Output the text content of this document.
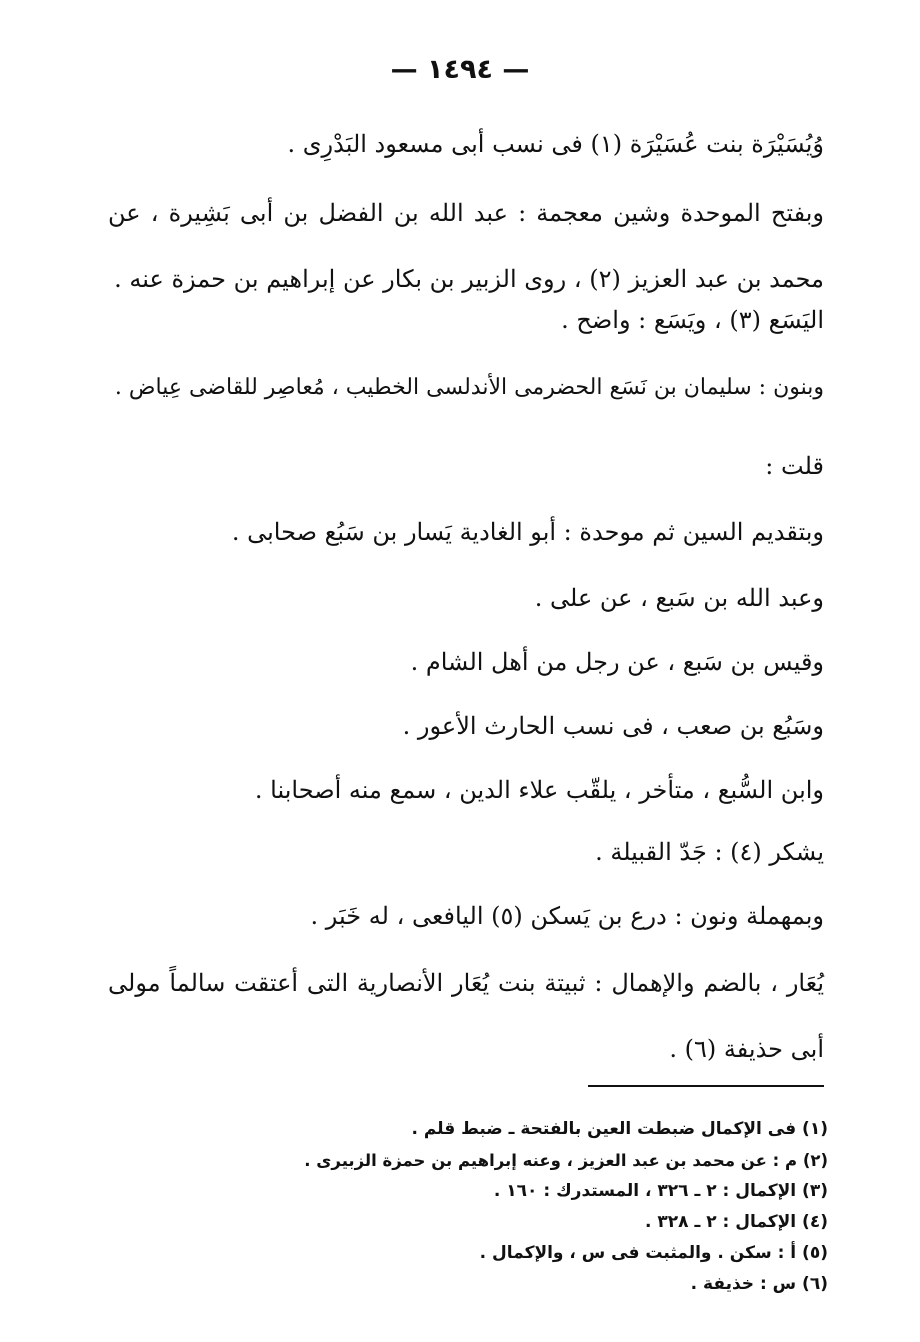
— ١٤٩٤ —
وُيُسَيْرَة بنت عُسَيْرَة (١) فى نسب أبى مسعود البَدْرِى .
وبفتح الموحدة وشين معجمة : عبد الله بن الفضل بن أبى بَشِيرة ، عن محمد بن عبد العزيز (٢) ، روى الزبير بن بكار عن إبراهيم بن حمزة عنه .
اليَسَع (٣) ، ويَسَع : واضح .
وبنون : سليمان بن نَسَع الحضرمى الأندلسى الخطيب ، مُعاصِر للقاضى عِياض .
قلت :
وبتقديم السين ثم موحدة : أبو الغادية يَسار بن سَبُع صحابى .
وعبد الله بن سَبع ، عن على .
وقيس بن سَبع ، عن رجل من أهل الشام .
وسَبُع بن صعب ، فى نسب الحارث الأعور .
وابن السُّبع ، متأخر ، يلقّب علاء الدين ، سمع منه أصحابنا .
يشكر (٤) : جَدّ القبيلة .
وبمهملة ونون : درع بن يَسكن (٥) اليافعى ، له خَبَر .
يُعَار ، بالضم والإهمال : ثبيتة بنت يُعَار الأنصارية التى أعتقت سالماً مولى أبى حذيفة (٦) .
(١) فى الإكمال ضبطت العين بالفتحة ـ ضبط قلم .
(٢) م : عن محمد بن عبد العزيز ، وعنه إبراهيم بن حمزة الزبيرى .
(٣) الإكمال : ٢ ـ ٣٢٦ ، المستدرك : ١٦٠ .
(٤) الإكمال : ٢ ـ ٣٢٨ .
(٥) أ : سكن . والمثبت فى س ، والإكمال .
(٦) س : خذيفة .
